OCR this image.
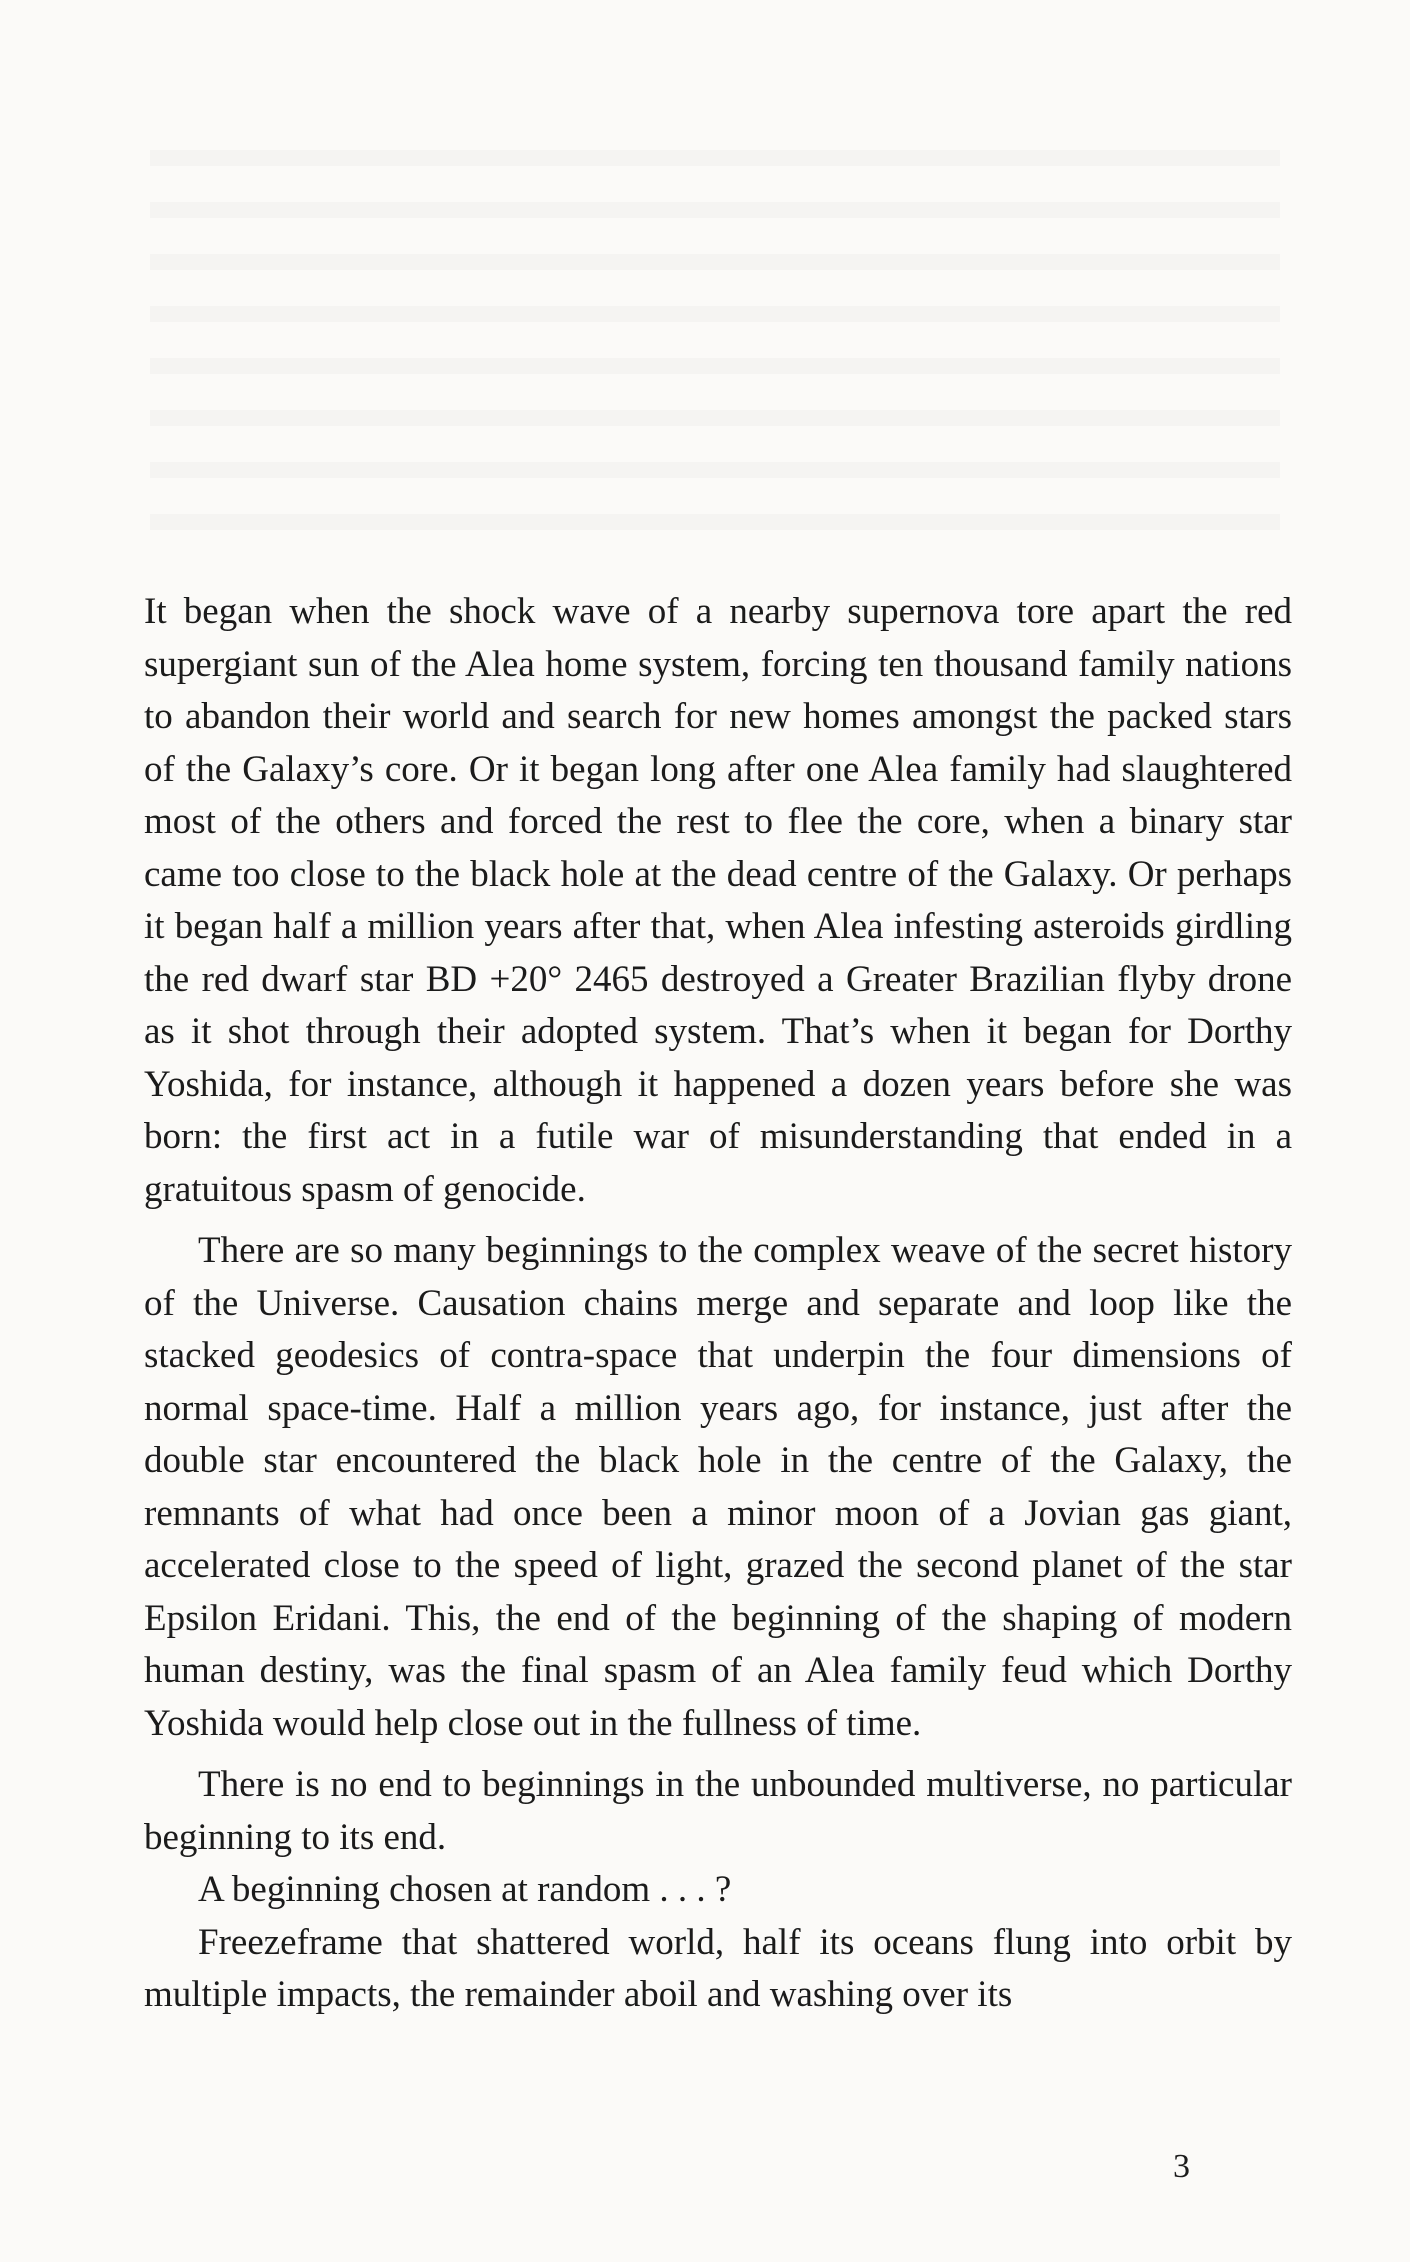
It began when the shock wave of a nearby supernova tore apart the red supergiant sun of the Alea home system, forcing ten thousand family nations to abandon their world and search for new homes amongst the packed stars of the Galaxy’s core. Or it began long after one Alea family had slaughtered most of the others and forced the rest to flee the core, when a binary star came too close to the black hole at the dead centre of the Galaxy. Or perhaps it began half a million years after that, when Alea infesting asteroids girdling the red dwarf star BD +20° 2465 destroyed a Greater Brazilian flyby drone as it shot through their adopted system. That’s when it began for Dorthy Yoshida, for instance, although it happened a dozen years before she was born: the first act in a futile war of misunderstanding that ended in a gratuitous spasm of genocide.

There are so many beginnings to the complex weave of the secret history of the Universe. Causation chains merge and separate and loop like the stacked geodesics of contra-space that underpin the four dimensions of normal space-time. Half a million years ago, for instance, just after the double star encountered the black hole in the centre of the Galaxy, the remnants of what had once been a minor moon of a Jovian gas giant, accelerated close to the speed of light, grazed the second planet of the star Epsilon Eridani. This, the end of the beginning of the shaping of modern human destiny, was the final spasm of an Alea family feud which Dorthy Yoshida would help close out in the fullness of time.

There is no end to beginnings in the unbounded multiverse, no particular beginning to its end.

A beginning chosen at random . . . ?

Freezeframe that shattered world, half its oceans flung into orbit by multiple impacts, the remainder aboil and washing over its

3
